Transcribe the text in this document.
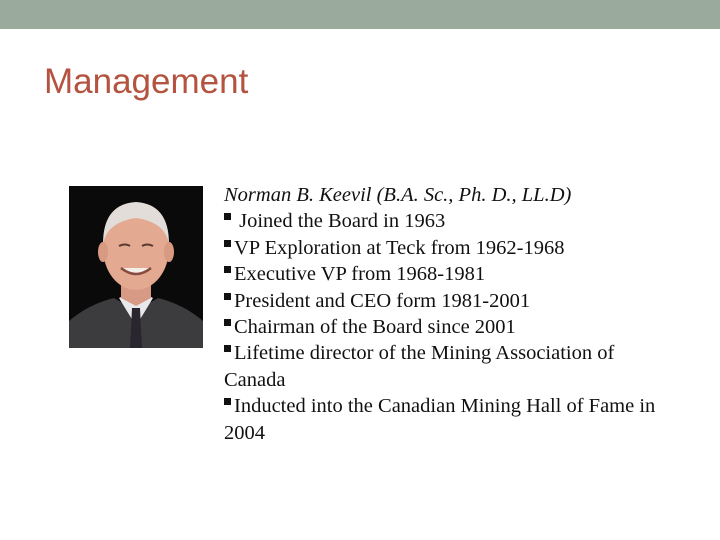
Management
Norman B. Keevil (B.A. Sc., Ph. D., LL.D)
Joined the Board in 1963
VP Exploration at Teck from 1962-1968
Executive VP from 1968-1981
President and CEO form 1981-2001
Chairman of the Board since 2001
Lifetime director of the Mining Association of Canada
Inducted into the Canadian Mining Hall of Fame in 2004
